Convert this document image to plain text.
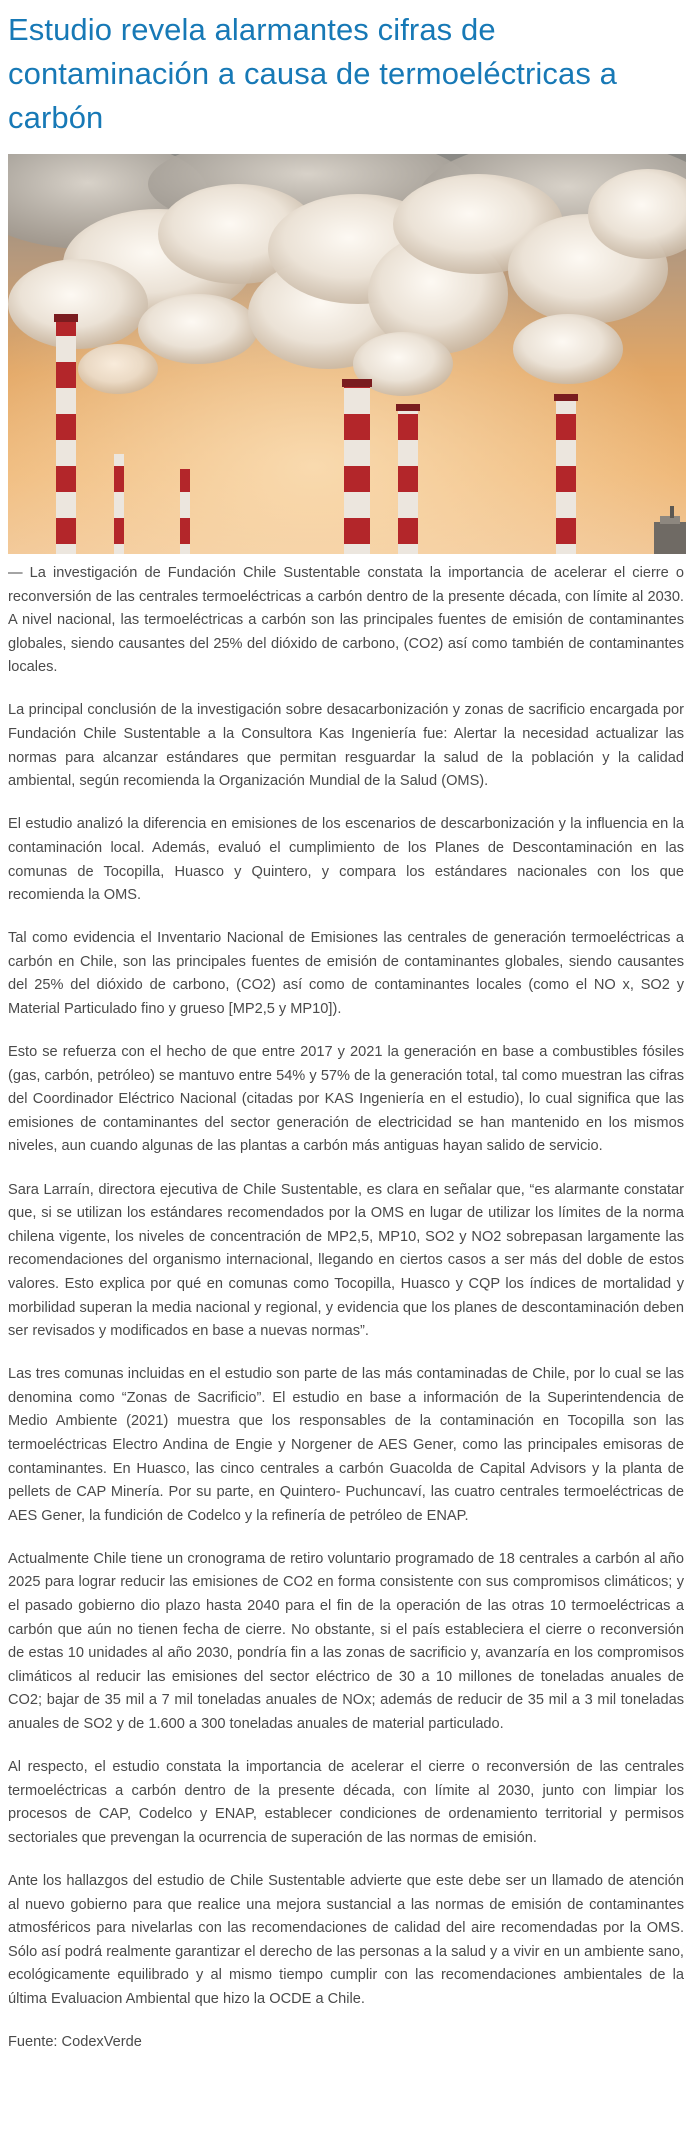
Estudio revela alarmantes cifras de contaminación a causa de termoeléctricas a carbón

— La investigación de Fundación Chile Sustentable constata la importancia de acelerar el cierre o reconversión de las centrales termoeléctricas a carbón dentro de la presente década, con límite al 2030. A nivel nacional, las termoeléctricas a carbón son las principales fuentes de emisión de contaminantes globales, siendo causantes del 25% del dióxido de carbono, (CO2) así como también de contaminantes locales.

La principal conclusión de la investigación sobre desacarbonización y zonas de sacrificio encargada por Fundación Chile Sustentable a la Consultora Kas Ingeniería fue: Alertar la necesidad actualizar las normas para alcanzar estándares que permitan resguardar la salud de la población y la calidad ambiental, según recomienda la Organización Mundial de la Salud (OMS).

El estudio analizó la diferencia en emisiones de los escenarios de descarbonización y la influencia en la contaminación local. Además, evaluó el cumplimiento de los Planes de Descontaminación en las comunas de Tocopilla, Huasco y Quintero, y compara los estándares nacionales con los que recomienda la OMS.

Tal como evidencia el Inventario Nacional de Emisiones las centrales de generación termoeléctricas a carbón en Chile, son las principales fuentes de emisión de contaminantes globales, siendo causantes del 25% del dióxido de carbono, (CO2) así como de contaminantes locales (como el NO x, SO2 y Material Particulado fino y grueso [MP2,5 y MP10]).

Esto se refuerza con el hecho de que entre 2017 y 2021 la generación en base a combustibles fósiles (gas, carbón, petróleo) se mantuvo entre 54% y 57% de la generación total, tal como muestran las cifras del Coordinador Eléctrico Nacional (citadas por KAS Ingeniería en el estudio), lo cual significa que las emisiones de contaminantes del sector generación de electricidad se han mantenido en los mismos niveles, aun cuando algunas de las plantas a carbón más antiguas hayan salido de servicio.

Sara Larraín, directora ejecutiva de Chile Sustentable, es clara en señalar que, “es alarmante constatar que, si se utilizan los estándares recomendados por la OMS en lugar de utilizar los límites de la norma chilena vigente, los niveles de concentración de MP2,5, MP10, SO2 y NO2 sobrepasan largamente las recomendaciones del organismo internacional, llegando en ciertos casos a ser más del doble de estos valores. Esto explica por qué en comunas como Tocopilla, Huasco y CQP los índices de mortalidad y morbilidad superan la media nacional y regional, y evidencia que los planes de descontaminación deben ser revisados y modificados en base a nuevas normas”.

Las tres comunas incluidas en el estudio son parte de las más contaminadas de Chile, por lo cual se las denomina como “Zonas de Sacrificio”. El estudio en base a información de la Superintendencia de Medio Ambiente (2021) muestra que los responsables de la contaminación en Tocopilla son las termoeléctricas Electro Andina de Engie y Norgener de AES Gener, como las principales emisoras de contaminantes. En Huasco, las cinco centrales a carbón Guacolda de Capital Advisors y la planta de pellets de CAP Minería. Por su parte, en Quintero- Puchuncaví, las cuatro centrales termoeléctricas de AES Gener, la fundición de Codelco y la refinería de petróleo de ENAP.

Actualmente Chile tiene un cronograma de retiro voluntario programado de 18 centrales a carbón al año 2025 para lograr reducir las emisiones de CO2 en forma consistente con sus compromisos climáticos; y el pasado gobierno dio plazo hasta 2040 para el fin de la operación de las otras 10 termoeléctricas a carbón que aún no tienen fecha de cierre. No obstante, si el país estableciera el cierre o reconversión de estas 10 unidades al año 2030, pondría fin a las zonas de sacrificio y, avanzaría en los compromisos climáticos al reducir las emisiones del sector eléctrico de 30 a 10 millones de toneladas anuales de CO2; bajar de 35 mil a 7 mil toneladas anuales de NOx; además de reducir de 35 mil a 3 mil toneladas anuales de SO2 y de 1.600 a 300 toneladas anuales de material particulado.

Al respecto, el estudio constata la importancia de acelerar el cierre o reconversión de las centrales termoeléctricas a carbón dentro de la presente década, con límite al 2030, junto con limpiar los procesos de CAP, Codelco y ENAP, establecer condiciones de ordenamiento territorial y permisos sectoriales que prevengan la ocurrencia de superación de las normas de emisión.

Ante los hallazgos del estudio de Chile Sustentable advierte que este debe ser un llamado de atención al nuevo gobierno para que realice una mejora sustancial a las normas de emisión de contaminantes atmosféricos para nivelarlas con las recomendaciones de calidad del aire recomendadas por la OMS. Sólo así podrá realmente garantizar el derecho de las personas a la salud y a vivir en un ambiente sano, ecológicamente equilibrado y al mismo tiempo cumplir con las recomendaciones ambientales de la última Evaluacion Ambiental que hizo la OCDE a Chile.

Fuente: CodexVerde
